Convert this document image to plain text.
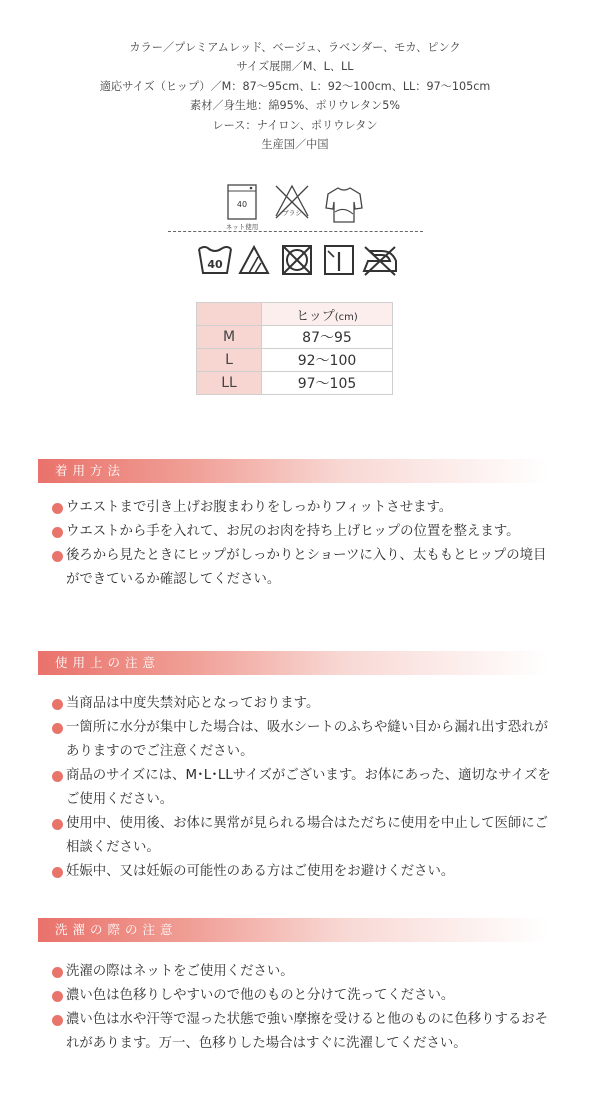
カラー／プレミアムレッド、ベージュ、ラベンダー、モカ、ピンク
サイズ展開／M、L、LL
適応サイズ（ヒップ）／M：87〜95cm、L：92〜100cm、LL：97〜105cm
素材／身生地：綿95%、ポリウレタン5%
レース：ナイロン、ポリウレタン
生産国／中国
40
ネット使用
ブラシ
40
	ヒップ(cm)
M	87〜95
L	92〜100
LL	97〜105
着用方法
ウエストまで引き上げお腹まわりをしっかりフィットさせます。
ウエストから手を入れて、お尻のお肉を持ち上げヒップの位置を整えます。
後ろから見たときにヒップがしっかりとショーツに入り、太ももとヒップの境目ができているか確認してください。
使用上の注意
当商品は中度失禁対応となっております。
一箇所に水分が集中した場合は、吸水シートのふちや縫い目から漏れ出す恐れがありますのでご注意ください。
商品のサイズには、M･L･LLサイズがございます。お体にあった、適切なサイズをご使用ください。
使用中、使用後、お体に異常が見られる場合はただちに使用を中止して医師にご相談ください。
妊娠中、又は妊娠の可能性のある方はご使用をお避けください。
洗濯の際の注意
洗濯の際はネットをご使用ください。
濃い色は色移りしやすいので他のものと分けて洗ってください。
濃い色は水や汗等で湿った状態で強い摩擦を受けると他のものに色移りするおそれがあります。万一、色移りした場合はすぐに洗濯してください。
